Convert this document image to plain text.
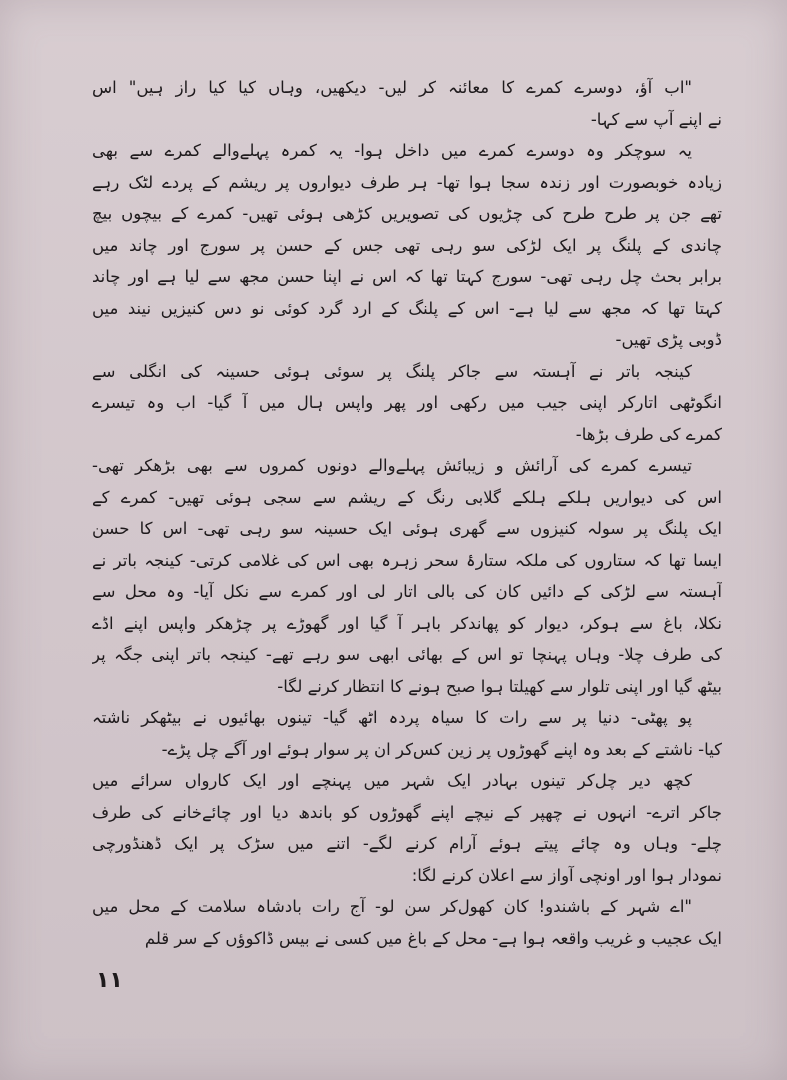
"اب آؤ، دوسرے کمرے کا معائنہ کر لیں- دیکھیں، وہاں کیا کیا راز ہیں" اس
نے اپنے آپ سے کہا-
یہ سوچکر وہ دوسرے کمرے میں داخل ہوا- یہ کمرہ پہلےوالے کمرے سے بھی
زیادہ خوبصورت اور زندہ سجا ہوا تھا- ہر طرف دیواروں پر ریشم کے پردے لٹک رہے
تھے جن پر طرح طرح کی چڑیوں کی تصویریں کڑھی ہوئی تھیں- کمرے کے بیچوں بیچ
چاندی کے پلنگ پر ایک لڑکی سو رہی تھی جس کے حسن پر سورج اور چاند میں
برابر بحث چل رہی تھی- سورج کہتا تھا کہ اس نے اپنا حسن مجھ سے لیا ہے اور چاند
کہتا تھا کہ مجھ سے لیا ہے- اس کے پلنگ کے ارد گرد کوئی نو دس کنیزیں نیند میں
ڈوبی پڑی تھیں-
کینجہ باتر نے آہستہ سے جاکر پلنگ پر سوئی ہوئی حسینہ کی انگلی سے
انگوٹھی اتارکر اپنی جیب میں رکھی اور پھر واپس ہال میں آ گیا- اب وہ تیسرے
کمرے کی طرف بڑھا-
تیسرے کمرے کی آرائش و زیبائش پہلےوالے دونوں کمروں سے بھی بڑھکر تھی-
اس کی دیواریں ہلکے ہلکے گلابی رنگ کے ریشم سے سجی ہوئی تھیں- کمرے کے
ایک پلنگ پر سولہ کنیزوں سے گھری ہوئی ایک حسینہ سو رہی تھی- اس کا حسن
ایسا تھا کہ ستاروں کی ملکہ ستارۂ سحر زہرہ بھی اس کی غلامی کرتی- کینجہ باتر نے
آہستہ سے لڑکی کے دائیں کان کی بالی اتار لی اور کمرے سے نکل آیا- وہ محل سے
نکلا، باغ سے ہوکر، دیوار کو پھاندکر باہر آ گیا اور گھوڑے پر چڑھکر واپس اپنے اڈے
کی طرف چلا- وہاں پہنچا تو اس کے بھائی ابھی سو رہے تھے- کینجہ باتر اپنی جگہ پر
بیٹھ گیا اور اپنی تلوار سے کھیلتا ہوا صبح ہونے کا انتظار کرنے لگا-
پو پھٹی- دنیا پر سے رات کا سیاہ پردہ اٹھ گیا- تینوں بھائیوں نے بیٹھکر ناشتہ
کیا- ناشتے کے بعد وہ اپنے گھوڑوں پر زین کس‌کر ان پر سوار ہوئے اور آگے چل پڑے-
کچھ دیر چل‌کر تینوں بہادر ایک شہر میں پہنچے اور ایک کارواں سرائے میں
جاکر اترے- انہوں نے چھپر کے نیچے اپنے گھوڑوں کو باندھ دیا اور چائےخانے کی طرف
چلے- وہاں وہ چائے پیتے ہوئے آرام کرنے لگے- اتنے میں سڑک پر ایک ڈھنڈورچی
نمودار ہوا اور اونچی آواز سے اعلان کرنے لگا:
"اے شہر کے باشندو! کان کھول‌کر سن لو- آج رات بادشاہ سلامت کے محل میں
ایک عجیب و غریب واقعہ ہوا ہے- محل کے باغ میں کسی نے بیس ڈاکوؤں کے سر قلم
۱۱
